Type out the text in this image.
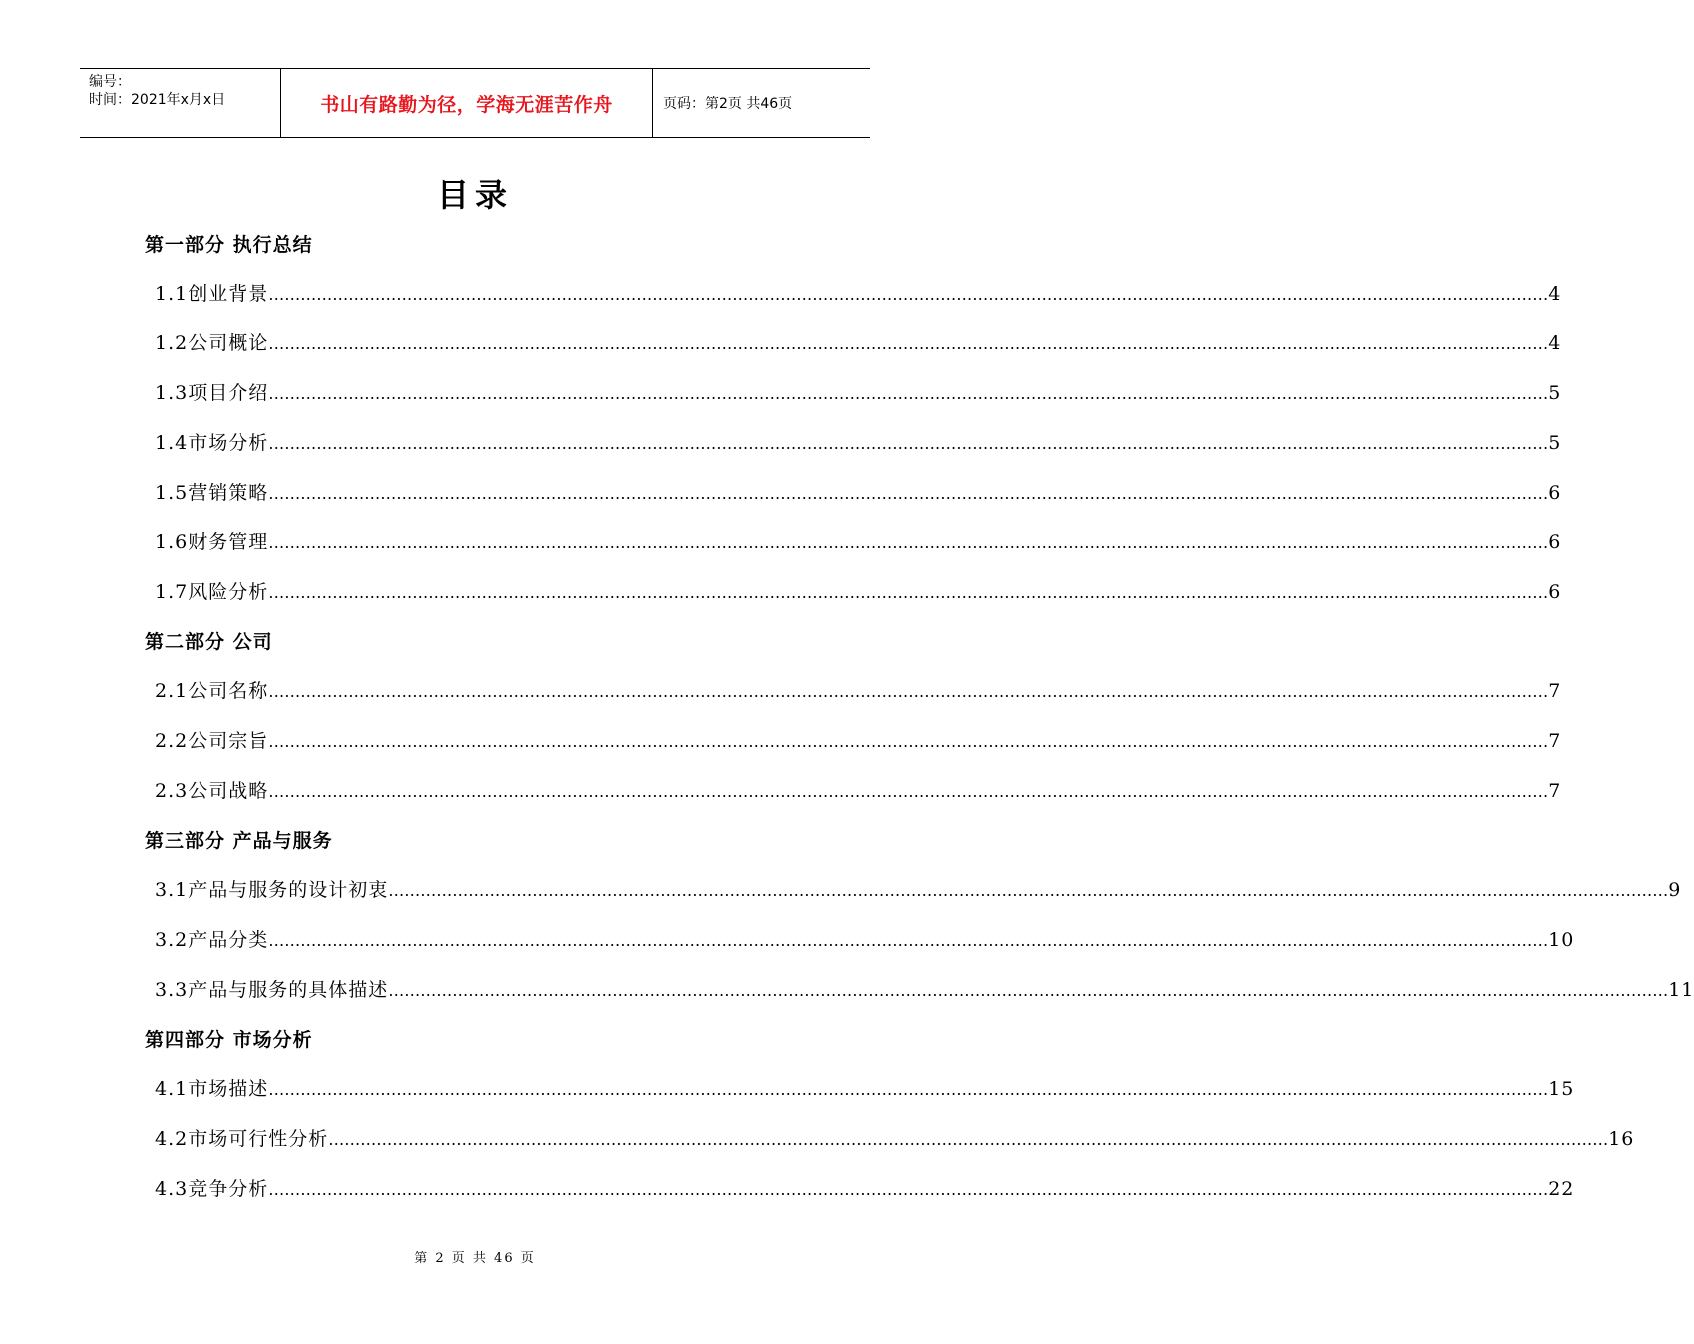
编号：
时间：2021年x月x日	书山有路勤为径，学海无涯苦作舟	页码：第2页 共46页
目录
第一部分 执行总结
第二部分 公司
第三部分 产品与服务
第四部分 市场分析
1.1创业背景 …………………………………………………………………………………………………………………………………………………………………………………………………………………… 4
1.2公司概论 …………………………………………………………………………………………………………………………………………………………………………………………………………………… 4
1.3项目介绍 …………………………………………………………………………………………………………………………………………………………………………………………………………………… 5
1.4市场分析 …………………………………………………………………………………………………………………………………………………………………………………………………………………… 5
1.5营销策略 …………………………………………………………………………………………………………………………………………………………………………………………………………………… 6
1.6财务管理 …………………………………………………………………………………………………………………………………………………………………………………………………………………… 6
1.7风险分析 …………………………………………………………………………………………………………………………………………………………………………………………………………………… 6
2.1公司名称 …………………………………………………………………………………………………………………………………………………………………………………………………………………… 7
2.2公司宗旨 …………………………………………………………………………………………………………………………………………………………………………………………………………………… 7
2.3公司战略 …………………………………………………………………………………………………………………………………………………………………………………………………………………… 7
3.1产品与服务的设计初衷 …………………………………………………………………………………………………………………………………………………………………………………………………………………… 9
3.2产品分类 …………………………………………………………………………………………………………………………………………………………………………………………………………………… 10
3.3产品与服务的具体描述 …………………………………………………………………………………………………………………………………………………………………………………………………………………… 11
4.1市场描述 …………………………………………………………………………………………………………………………………………………………………………………………………………………… 15
4.2市场可行性分析 …………………………………………………………………………………………………………………………………………………………………………………………………………………… 16
4.3竞争分析 …………………………………………………………………………………………………………………………………………………………………………………………………………………… 22
第 2 页 共 46 页
